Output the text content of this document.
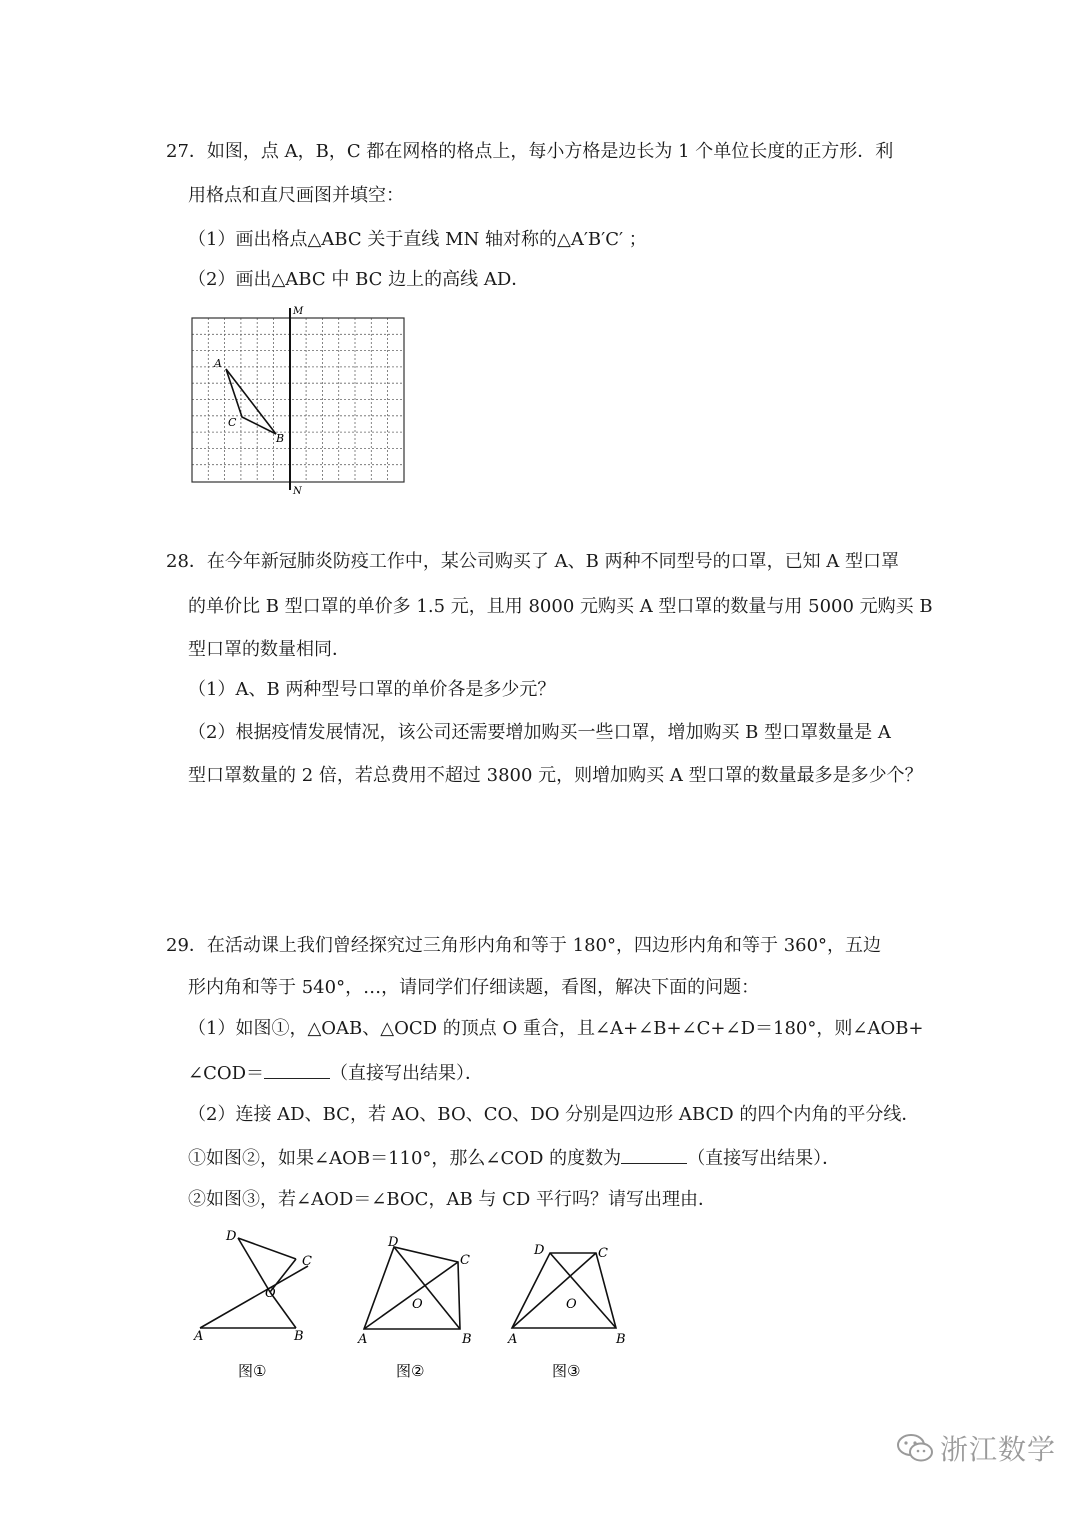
27．如图，点 A，B，C 都在网格的格点上，每小方格是边长为 1 个单位长度的正方形．利
用格点和直尺画图并填空：
（1）画出格点△ABC 关于直线 MN 轴对称的△A′B′C′ ；
（2）画出△ABC 中 BC 边上的高线 AD．
M
N
A
C
B
28．在今年新冠肺炎防疫工作中，某公司购买了 A、B 两种不同型号的口罩，已知 A 型口罩
的单价比 B 型口罩的单价多 1.5 元，且用 8000 元购买 A 型口罩的数量与用 5000 元购买 B
型口罩的数量相同．
（1）A、B 两种型号口罩的单价各是多少元？
（2）根据疫情发展情况，该公司还需要增加购买一些口罩，增加购买 B 型口罩数量是 A
型口罩数量的 2 倍，若总费用不超过 3800 元，则增加购买 A 型口罩的数量最多是多少个？
29．在活动课上我们曾经探究过三角形内角和等于 180°，四边形内角和等于 360°，五边
形内角和等于 540°，…，请同学们仔细读题，看图，解决下面的问题：
（1）如图①，△OAB、△OCD 的顶点 O 重合，且∠A+∠B+∠C+∠D＝180°，则∠AOB+
∠COD＝	（直接写出结果）．
（2）连接 AD、BC，若 AO、BO、CO、DO 分别是四边形 ABCD 的四个内角的平分线．
①如图②，如果∠AOB＝110°，那么∠COD 的度数为	（直接写出结果）．
②如图③，若∠AOD＝∠BOC，AB 与 CD 平行吗？请写出理由．
D
C
O
A	B
图①
D
C
O
A	B
图②
D	C
O
A	B
图③
浙江数学
